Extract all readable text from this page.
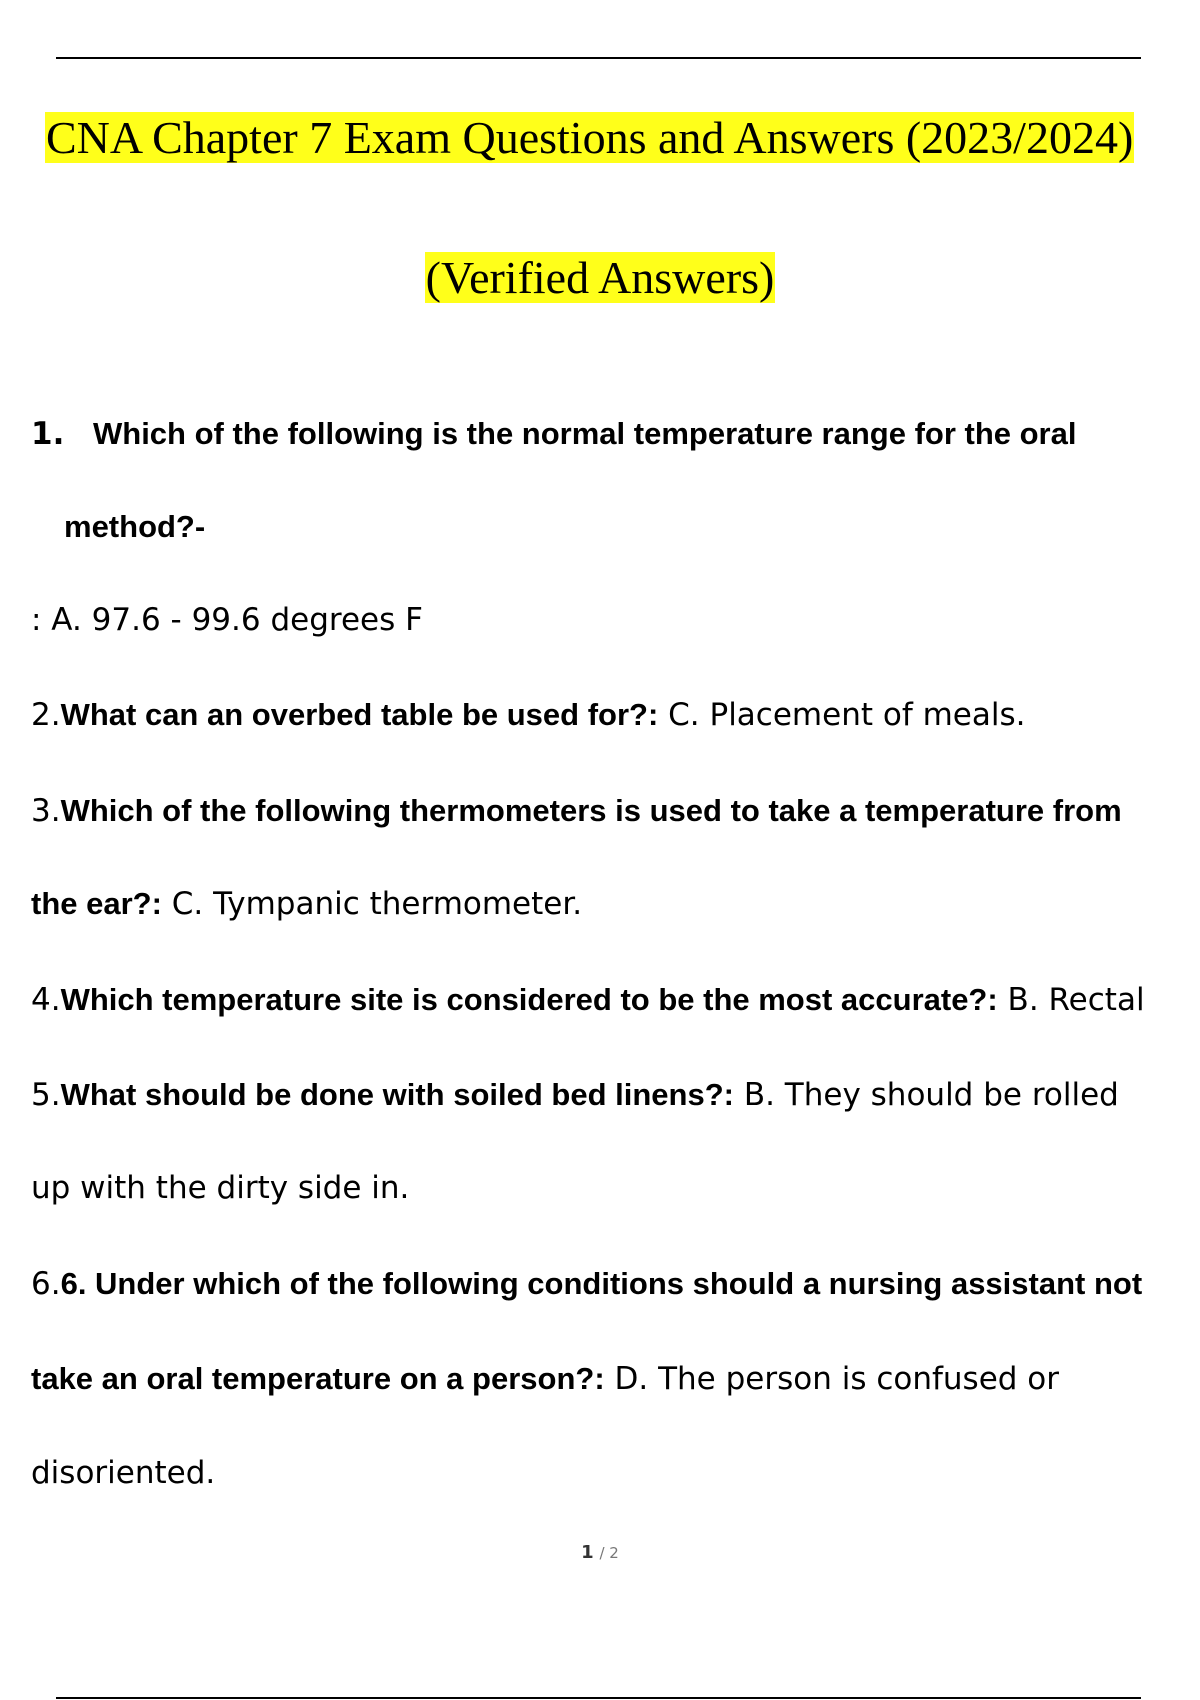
CNA Chapter 7 Exam Questions and Answers (2023/2024)
(Verified Answers)
1. Which of the following is the normal temperature range for the oral
method?-
: A. 97.6 - 99.6 degrees F
2.What can an overbed table be used for?: C. Placement of meals.
3.Which of the following thermometers is used to take a temperature from
the ear?: C. Tympanic thermometer.
4.Which temperature site is considered to be the most accurate?: B. Rectal
5.What should be done with soiled bed linens?: B. They should be rolled
up with the dirty side in.
6.6. Under which of the following conditions should a nursing assistant not
take an oral temperature on a person?: D. The person is confused or
disoriented.
1 / 2
